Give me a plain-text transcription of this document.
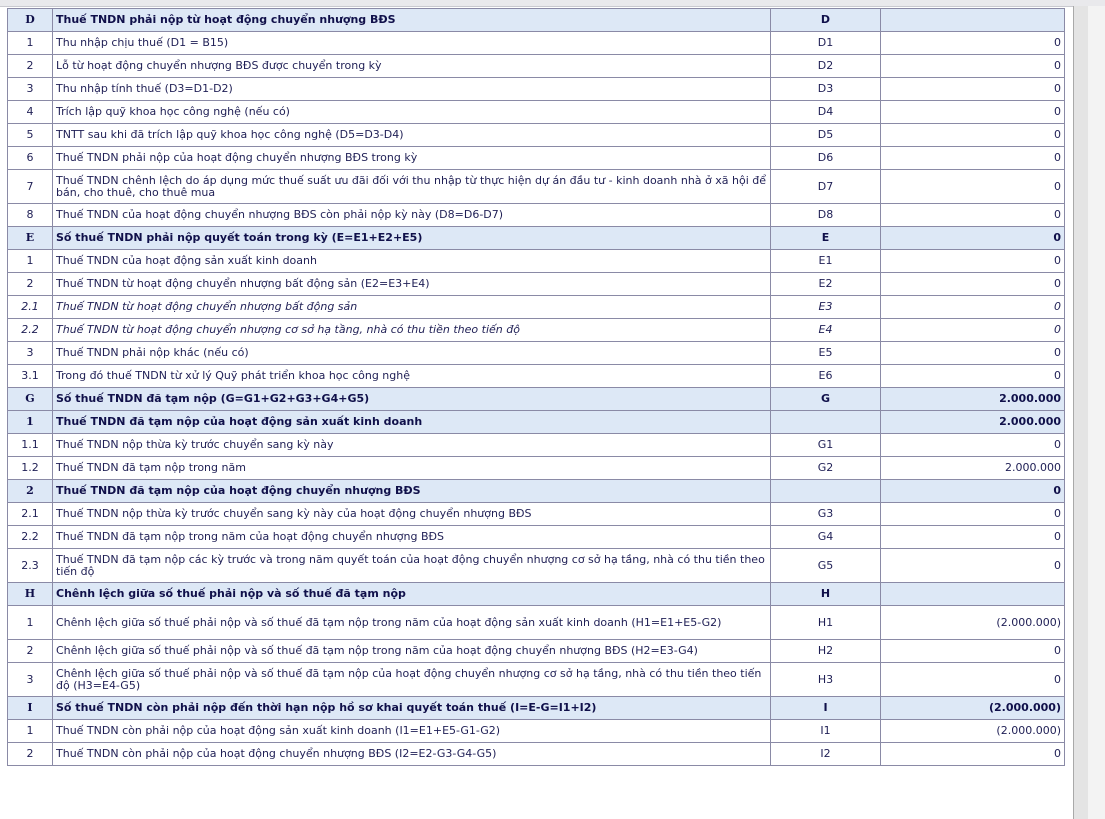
D	Thuế TNDN phải nộp từ hoạt động chuyển nhượng BĐS	D	
1	Thu nhập chịu thuế (D1 = B15)	D1	0
2	Lỗ từ hoạt động chuyển nhượng BĐS được chuyển trong kỳ	D2	0
3	Thu nhập tính thuế (D3=D1-D2)	D3	0
4	Trích lập quỹ khoa học công nghệ (nếu có)	D4	0
5	TNTT sau khi đã trích lập quỹ khoa học công nghệ (D5=D3-D4)	D5	0
6	Thuế TNDN phải nộp của hoạt động chuyển nhượng BĐS trong kỳ	D6	0
7	Thuế TNDN chênh lệch do áp dụng mức thuế suất ưu đãi đối với thu nhập từ thực hiện dự án đầu tư - kinh doanh nhà ở xã hội để bán, cho thuê, cho thuê mua	D7	0
8	Thuế TNDN của hoạt động chuyển nhượng BĐS còn phải nộp kỳ này (D8=D6-D7)	D8	0
E	Số thuế TNDN phải nộp quyết toán trong kỳ (E=E1+E2+E5)	E	0
1	Thuế TNDN của hoạt động sản xuất kinh doanh	E1	0
2	Thuế TNDN từ hoạt động chuyển nhượng bất động sản (E2=E3+E4)	E2	0
2.1	Thuế TNDN từ hoạt động chuyển nhượng bất động sản	E3	0
2.2	Thuế TNDN từ hoạt động chuyển nhượng cơ sở hạ tầng, nhà có thu tiền theo tiến độ	E4	0
3	Thuế TNDN phải nộp khác (nếu có)	E5	0
3.1	Trong đó thuế TNDN từ xử lý Quỹ phát triển khoa học công nghệ	E6	0
G	Số thuế TNDN đã tạm nộp (G=G1+G2+G3+G4+G5)	G	2.000.000
1	Thuế TNDN đã tạm nộp của hoạt động sản xuất kinh doanh		2.000.000
1.1	Thuế TNDN nộp thừa kỳ trước chuyển sang kỳ này	G1	0
1.2	Thuế TNDN đã tạm nộp trong năm	G2	2.000.000
2	Thuế TNDN đã tạm nộp của hoạt động chuyển nhượng BĐS		0
2.1	Thuế TNDN nộp thừa kỳ trước chuyển sang kỳ này của hoạt động chuyển nhượng BĐS	G3	0
2.2	Thuế TNDN đã tạm nộp trong năm của hoạt động chuyển nhượng BĐS	G4	0
2.3	Thuế TNDN đã tạm nộp các kỳ trước và trong năm quyết toán của hoạt động chuyển nhượng cơ sở hạ tầng, nhà có thu tiền theo tiến độ	G5	0
H	Chênh lệch giữa số thuế phải nộp và số thuế đã tạm nộp	H	
1	Chênh lệch giữa số thuế phải nộp và số thuế đã tạm nộp trong năm của hoạt động sản xuất kinh doanh (H1=E1+E5-G2)	H1	(2.000.000)
2	Chênh lệch giữa số thuế phải nộp và số thuế đã tạm nộp trong năm của hoạt động chuyển nhượng BĐS (H2=E3-G4)	H2	0
3	Chênh lệch giữa số thuế phải nộp và số thuế đã tạm nộp của hoạt động chuyển nhượng cơ sở hạ tầng, nhà có thu tiền theo tiến độ (H3=E4-G5)	H3	0
I	Số thuế TNDN còn phải nộp đến thời hạn nộp hồ sơ khai quyết toán thuế (I=E-G=I1+I2)	I	(2.000.000)
1	Thuế TNDN còn phải nộp của hoạt động sản xuất kinh doanh (I1=E1+E5-G1-G2)	I1	(2.000.000)
2	Thuế TNDN còn phải nộp của hoạt động chuyển nhượng BĐS (I2=E2-G3-G4-G5)	I2	0
